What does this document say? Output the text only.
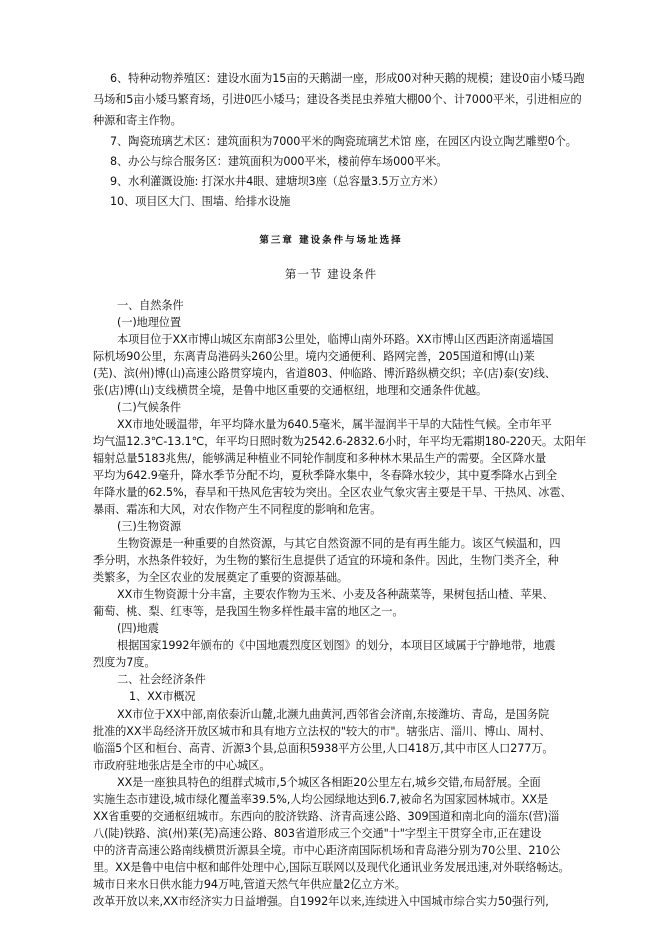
6、特种动物养殖区：建设水面为15亩的天鹅湖一座，形成00对种天鹅的规模；建设0亩小矮马跑
马场和5亩小矮马繁育场，引进0匹小矮马；建设各类昆虫养殖大棚00个、计7000平米，引进相应的
种源和寄主作物。
7、陶瓷琉璃艺术区：建筑面积为7000平米的陶瓷琉璃艺术馆 座，在园区内设立陶艺雕塑0个。
8、办公与综合服务区：建筑面积为000平米，楼前停车场000平米。
9、水利灌溉设施: 打深水井4眼、建塘坝3座（总容量3.5万立方米）
10、项目区大门、围墙、给排水设施
第三章 建设条件与场址选择
第一节 建设条件
一、自然条件
(一)地理位置
本项目位于XX市博山城区东南部3公里处，临博山南外环路。XX市博山区西距济南遥墙国
际机场90公里，东离青岛港码头260公里。境内交通便利、路网完善，205国道和博(山)莱
(芜)、滨(州)博(山)高速公路贯穿境内，省道803、仲临路、博沂路纵横交织；辛(店)泰(安)线、
张(店)博(山)支线横贯全境，是鲁中地区重要的交通枢纽，地理和交通条件优越。
(二)气候条件
XX市地处暖温带，年平均降水量为640.5毫米，属半湿润半干旱的大陆性气候。全市年平
均气温12.3℃-13.1℃，年平均日照时数为2542.6-2832.6小时，年平均无霜期180-220天。太阳年
辐射总量5183兆焦/，能够满足种植业不同轮作制度和多种林木果品生产的需要。全区降水量
平均为642.9毫升，降水季节分配不均，夏秋季降水集中，冬春降水较少，其中夏季降水占到全
年降水量的62.5%，春旱和干热风危害较为突出。全区农业气象灾害主要是干旱、干热风、冰雹、
暴雨、霜冻和大风，对农作物产生不同程度的影响和危害。
(三)生物资源
生物资源是一种重要的自然资源，与其它自然资源不同的是有再生能力。该区气候温和，四
季分明，水热条件较好，为生物的繁衍生息提供了适宜的环境和条件。因此，生物门类齐全，种
类繁多，为全区农业的发展奠定了重要的资源基础。
XX市生物资源十分丰富，主要农作物为玉米、小麦及各种蔬菜等，果树包括山楂、苹果、
葡萄、桃、梨、红枣等，是我国生物多样性最丰富的地区之一。
(四)地震
根据国家1992年颁布的《中国地震烈度区划图》的划分，本项目区域属于宁静地带，地震
烈度为7度。
二、社会经济条件
1、XX市概况
XX市位于XX中部,南依泰沂山麓,北濒九曲黄河,西邻省会济南,东接潍坊、青岛，是国务院
批准的XX半岛经济开放区城市和具有地方立法权的"较大的市"。辖张店、淄川、博山、周村、
临淄5个区和桓台、高青、沂源3个县,总面积5938平方公里,人口418万,其中市区人口277万。
市政府驻地张店是全市的中心城区。
XX是一座独具特色的组群式城市,5个城区各相距20公里左右,城乡交错,布局舒展。全面
实施生态市建设,城市绿化覆盖率39.5%,人均公园绿地达到6.7,被命名为国家园林城市。XX是
XX省重要的交通枢纽城市。东西向的胶济铁路、济青高速公路、309国道和南北向的淄东(营)淄
八(陡)铁路、滨(州)莱(芜)高速公路、803省道形成三个交通"十"字型主干贯穿全市,正在建设
中的济青高速公路南线横贯沂源县全境。市中心距济南国际机场和青岛港分别为70公里、210公
里。XX是鲁中电信中枢和邮件处理中心,国际互联网以及现代化通讯业务发展迅速,对外联络畅达。
城市日来水日供水能力94万吨,管道天然气年供应量2亿立方米。
改革开放以来,XX市经济实力日益增强。自1992年以来,连续进入中国城市综合实力50强行列,
